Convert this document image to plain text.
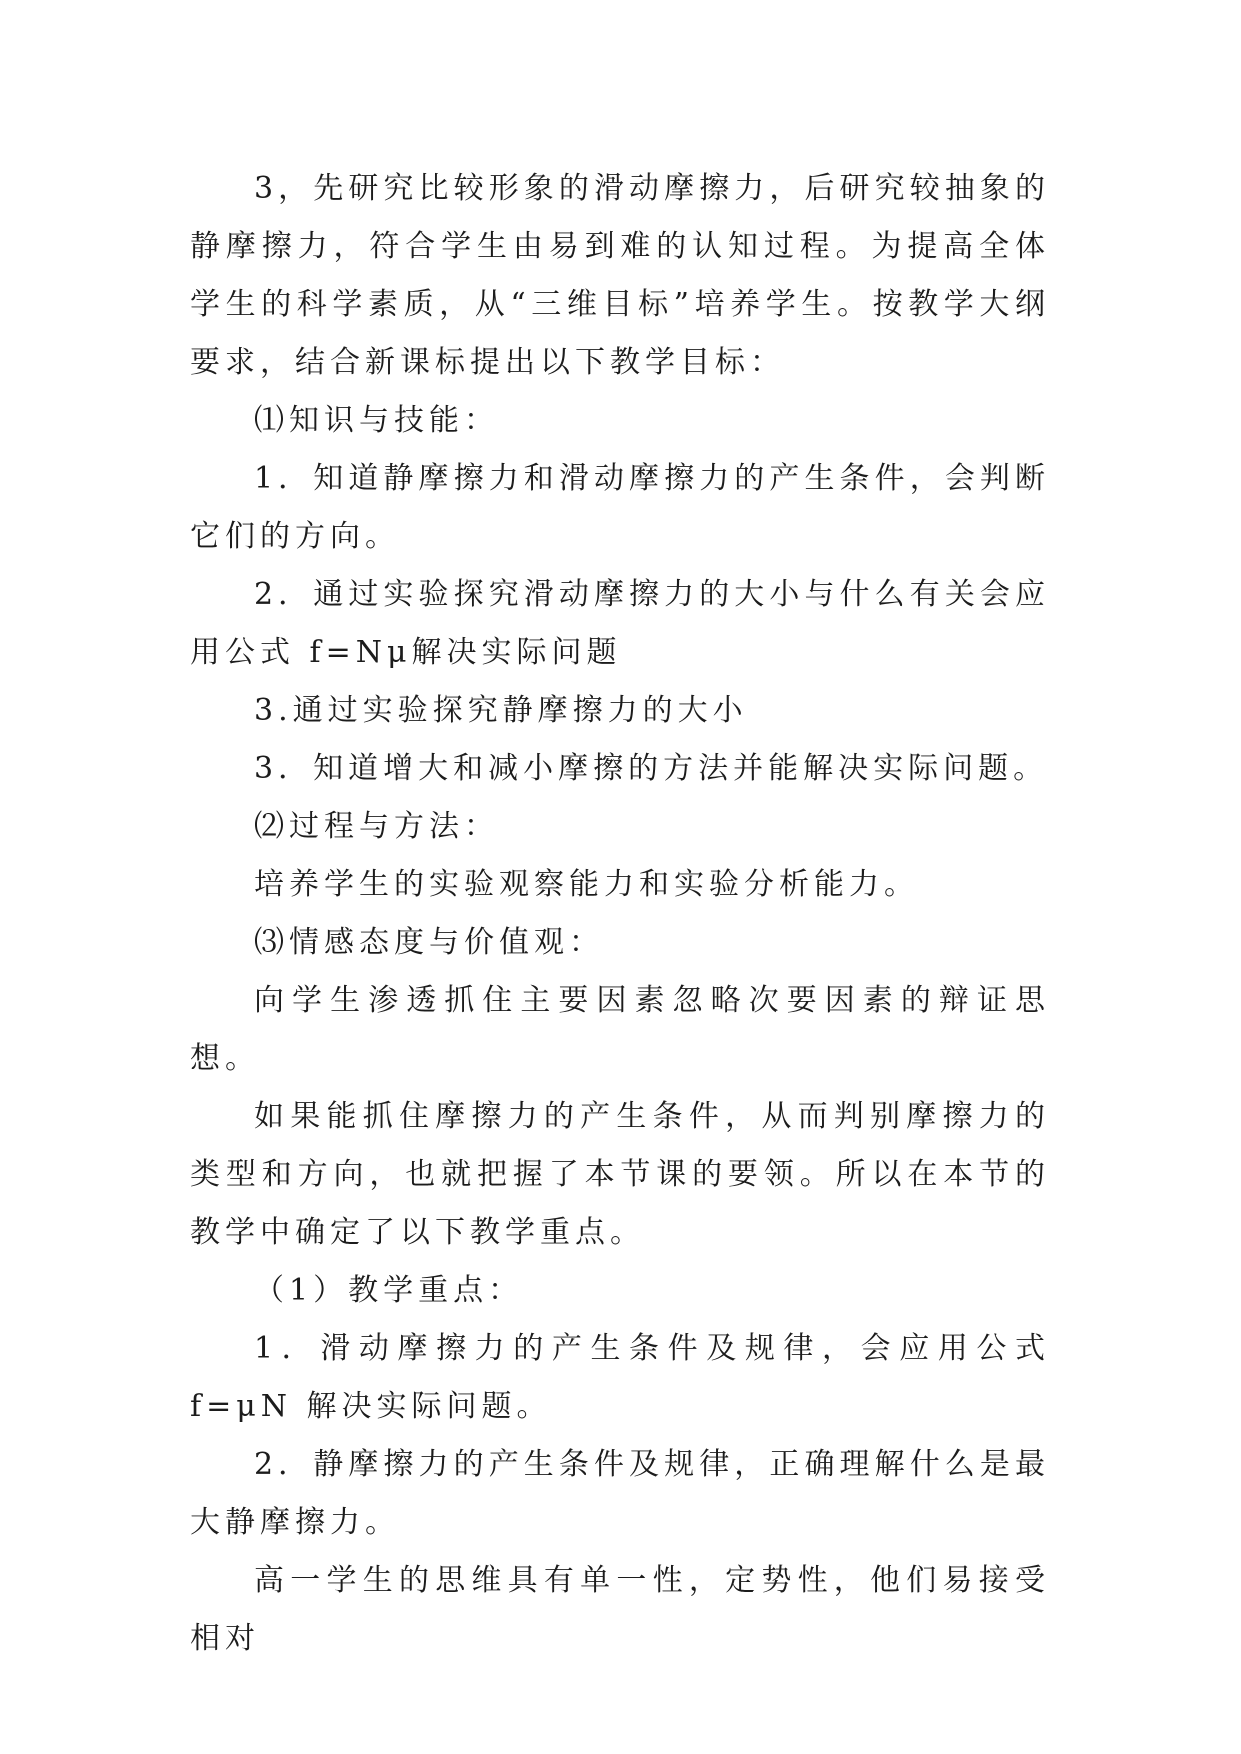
3，先研究比较形象的滑动摩擦力，后研究较抽象的静摩擦力，符合学生由易到难的认知过程。为提高全体学生的科学素质，从“三维目标”培养学生。按教学大纲要求，结合新课标提出以下教学目标：

⑴知识与技能：

1．知道静摩擦力和滑动摩擦力的产生条件，会判断它们的方向。

2．通过实验探究滑动摩擦力的大小与什么有关会应用公式 f=Nμ解决实际问题

3.通过实验探究静摩擦力的大小

3．知道增大和减小摩擦的方法并能解决实际问题。

⑵过程与方法：

培养学生的实验观察能力和实验分析能力。

⑶情感态度与价值观：

向学生渗透抓住主要因素忽略次要因素的辩证思想。

如果能抓住摩擦力的产生条件，从而判别摩擦力的类型和方向，也就把握了本节课的要领。所以在本节的教学中确定了以下教学重点。

（1）教学重点：

1．滑动摩擦力的产生条件及规律，会应用公式 f=μN 解决实际问题。

2．静摩擦力的产生条件及规律，正确理解什么是最大静摩擦力。

高一学生的思维具有单一性，定势性，他们易接受相对
